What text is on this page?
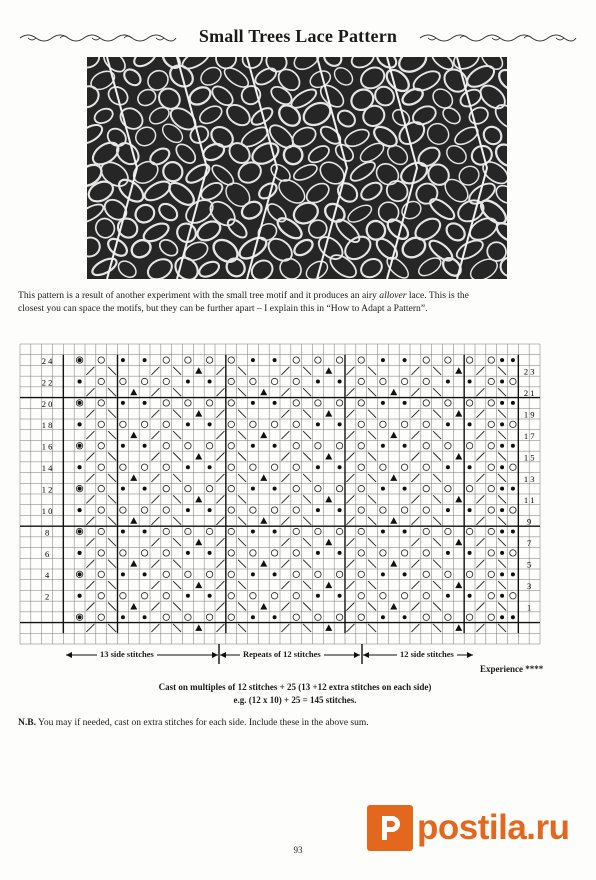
Small Trees Lace Pattern
This pattern is a result of another experiment with the small tree motif and it produces an airy allover lace. This is the
closest you can space the motifs, but they can be further apart – I explain this in “How to Adapt a Pattern”.
2 4
2 2
2 0
1 8
1 6
1 4
1 2
1 0
8
6
4
2
2 3
2 1
1 9
1 7
1 5
1 3
1 1
9
7
5
3
1
13 side stitches	Repeats of 12 stitches	12 side stitches
Experience ****
Cast on multiples of 12 stitches + 25 (13 +12 extra stitches on each side)
e.g. (12 x 10) + 25 = 145 stitches.
N.B. You may if needed, cast on extra stitches for each side. Include these in the above sum.
93
postila.ru
